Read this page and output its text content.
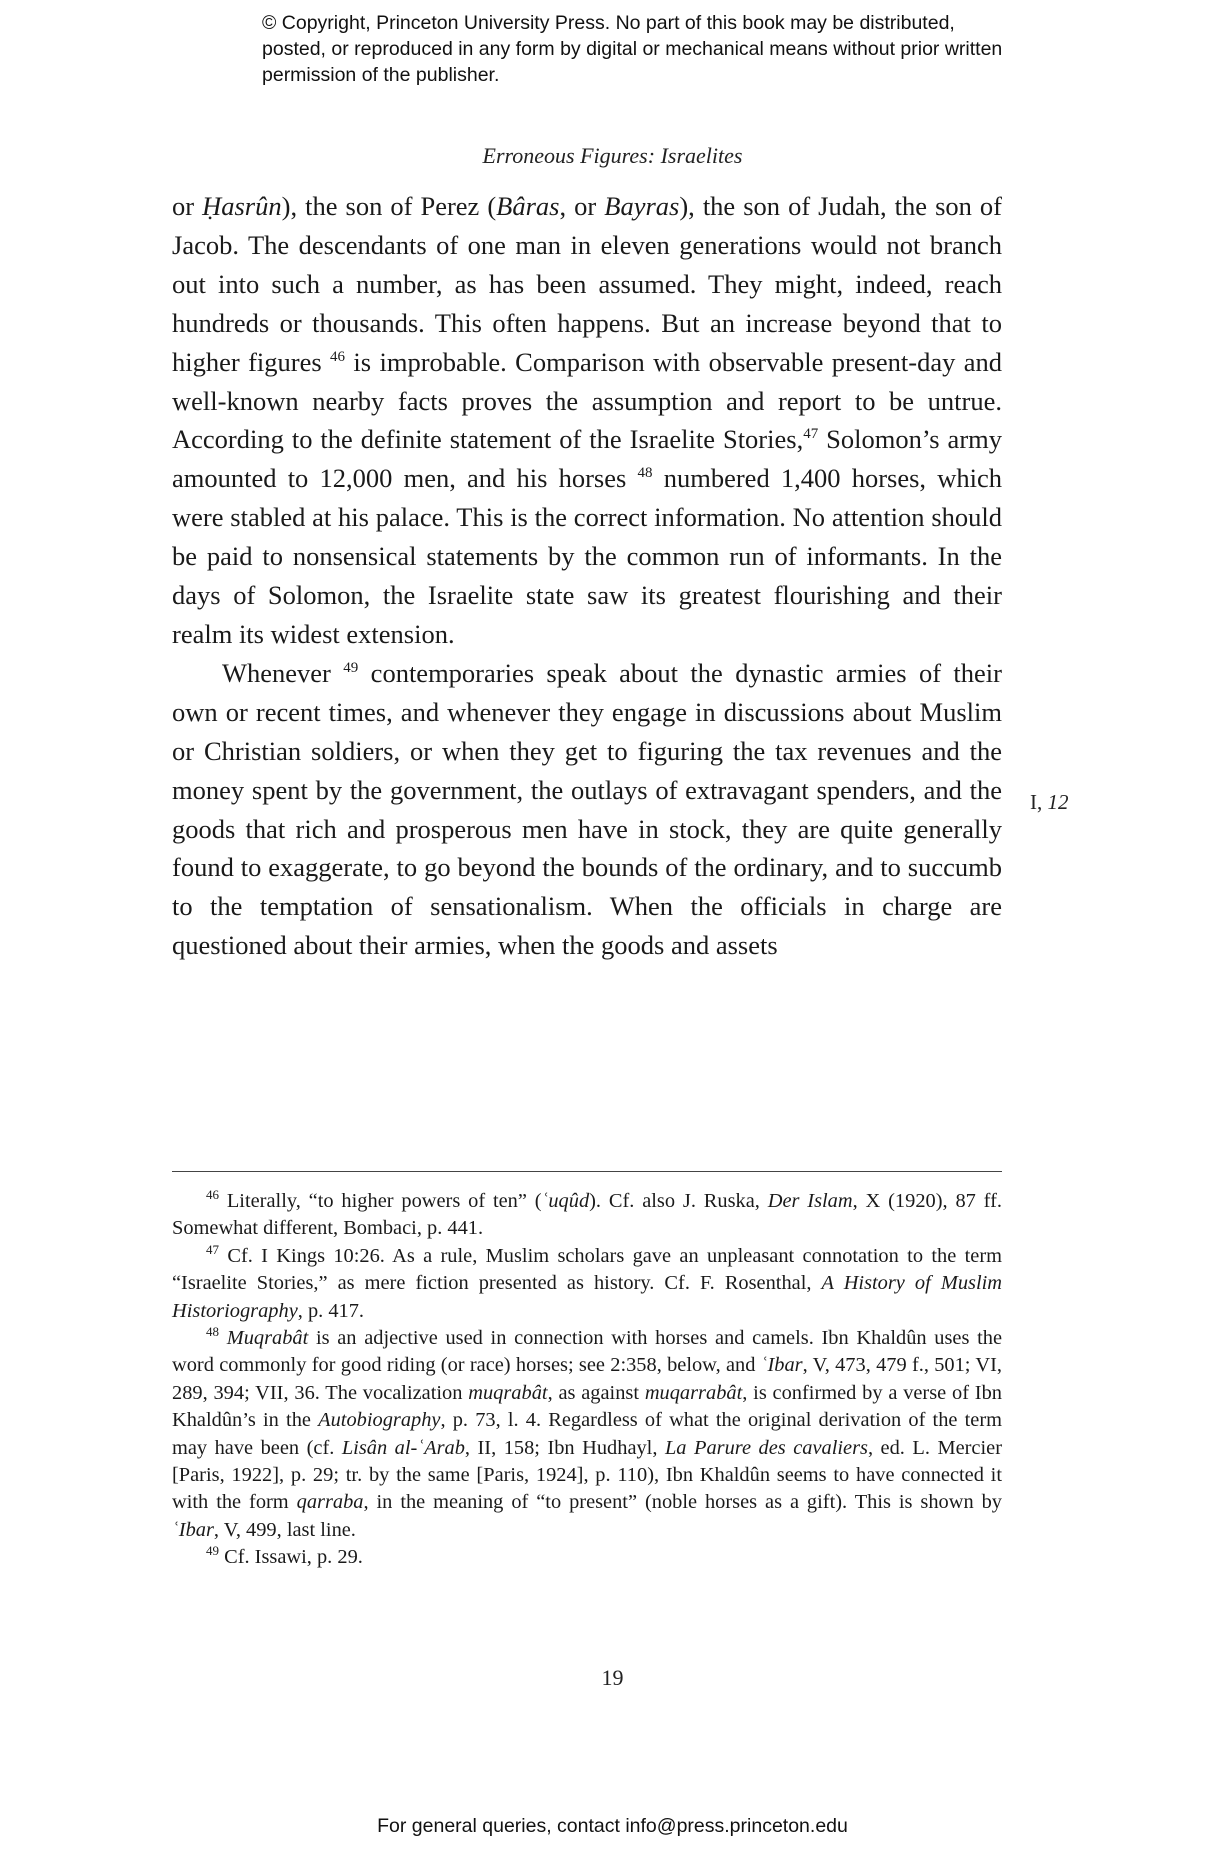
© Copyright, Princeton University Press. No part of this book may be distributed, posted, or reproduced in any form by digital or mechanical means without prior written permission of the publisher.
Erroneous Figures: Israelites

or Ḥasrûn), the son of Perez (Bâras, or Bayras), the son of Judah, the son of Jacob. The descendants of one man in eleven generations would not branch out into such a number, as has been assumed. They might, indeed, reach hundreds or thousands. This often happens. But an increase beyond that to higher figures $^{46}$ is improbable. Comparison with observable present-day and well-known nearby facts proves the assumption and report to be untrue. According to the definite statement of the Israelite Stories,$^{47}$ Solomon’s army amounted to 12,000 men, and his horses $^{48}$ numbered 1,400 horses, which were stabled at his palace. This is the correct information. No attention should be paid to nonsensical statements by the common run of informants. In the days of Solomon, the Israelite state saw its greatest flourishing and their realm its widest extension.

Whenever $^{49}$ contemporaries speak about the dynastic armies of their own or recent times, and whenever they engage in discussions about Muslim or Christian soldiers, or when they get to figuring the tax revenues and the money spent by the government, the outlays of extravagant spenders, and the goods that rich and prosperous men have in stock, they are quite generally found to exaggerate, to go beyond the bounds of the ordinary, and to succumb to the temptation of sensationalism. When the officials in charge are questioned about their armies, when the goods and assets

I, 12

$^{46}$ Literally, “to higher powers of ten” (ʿuqûd). Cf. also J. Ruska, Der Islam, X (1920), 87 ff. Somewhat different, Bombaci, p. 441.

$^{47}$ Cf. I Kings 10:26. As a rule, Muslim scholars gave an unpleasant connotation to the term “Israelite Stories,” as mere fiction presented as history. Cf. F. Rosenthal, A History of Muslim Historiography, p. 417.

$^{48}$ Muqrabât is an adjective used in connection with horses and camels. Ibn Khaldûn uses the word commonly for good riding (or race) horses; see 2:358, below, and ʿIbar, V, 473, 479 f., 501; VI, 289, 394; VII, 36. The vocalization muqrabât, as against muqarrabât, is confirmed by a verse of Ibn Khaldûn’s in the Autobiography, p. 73, l. 4. Regardless of what the original derivation of the term may have been (cf. Lisân al-ʿArab, II, 158; Ibn Hudhayl, La Parure des cavaliers, ed. L. Mercier [Paris, 1922], p. 29; tr. by the same [Paris, 1924], p. 110), Ibn Khaldûn seems to have connected it with the form qarraba, in the meaning of “to present” (noble horses as a gift). This is shown by ʿIbar, V, 499, last line.

$^{49}$ Cf. Issawi, p. 29.

19
For general queries, contact info@press.princeton.edu
